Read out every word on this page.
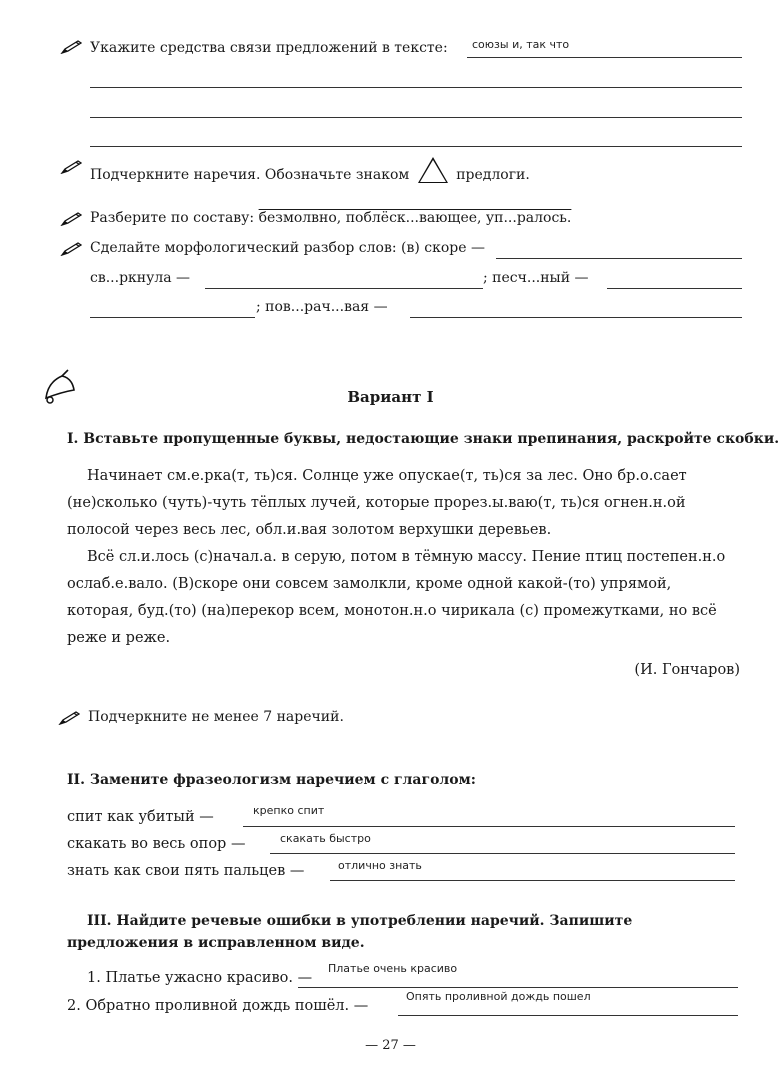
Укажите средства связи предложений в тексте: союзы и, так что
Подчеркните наречия. Обозначьте знаком	предлоги.
Разберите по составу: безмолвно, поблёск...вающее, уп...ралось.
Сделайте морфологический разбор слов: (в) скоре —
св...ркнула —	; песч...ный —
; пов...рач...вая —
Вариант I
I. Вставьте пропущенные буквы, недостающие знаки препинания, раскройте скобки.
Начинает см.е.рка(т, ть)ся. Солнце уже опускае(т, ть)ся за лес. Оно бр.о.сает (не)сколько (чуть)-чуть тёплых лучей, которые прорез.ы.ваю(т, ть)ся огнен.н.ой полосой через весь лес, обл.и.вая золотом верхушки деревьев.
Всё сл.и.лось (с)начал.а. в серую, потом в тёмную массу. Пение птиц постепен.н.о ослаб.е.вало. (В)скоре они совсем замолкли, кроме одной какой-(то) упрямой, которая, буд.(то) (на)перекор всем, монотон.н.о чирикала (с) промежутками, но всё реже и реже.
(И. Гончаров)
Подчеркните не менее 7 наречий.
II. Замените фразеологизм наречием с глаголом:
спит как убитый —	крепко спит
скакать во весь опор —	скакать быстро
знать как свои пять пальцев —	отлично знать
III. Найдите речевые ошибки в употреблении наречий. Запишите предложения в исправленном виде.
1. Платье ужасно красиво. —
Платье очень красиво
2. Обратно проливной дождь пошёл. —
Опять проливной дождь пошел
— 27 —
